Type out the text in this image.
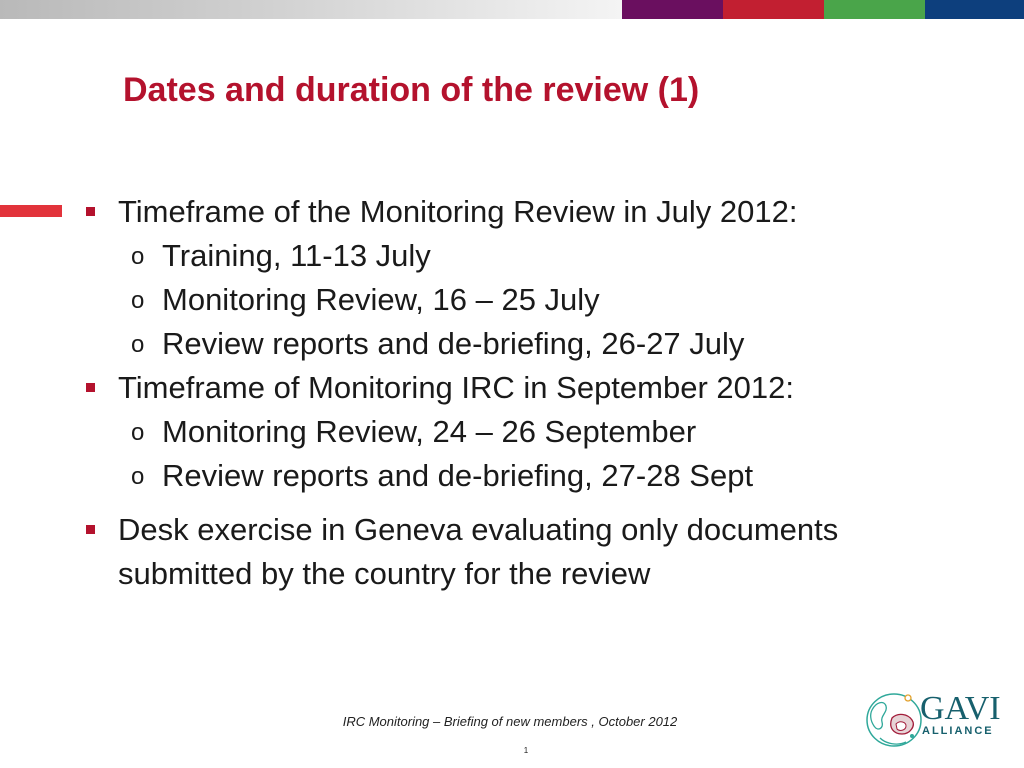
Dates and duration of the review (1)
Timeframe of the Monitoring Review in July 2012:
o Training, 11-13 July
o Monitoring Review, 16 – 25 July
o Review reports and de-briefing, 26-27 July
Timeframe of Monitoring IRC in September 2012:
o Monitoring Review, 24 – 26 September
o Review reports and de-briefing, 27-28 Sept
Desk exercise in Geneva evaluating only documents submitted by the country for the review
IRC Monitoring – Briefing of new members , October 2012
1
GAVI
ALLIANCE
